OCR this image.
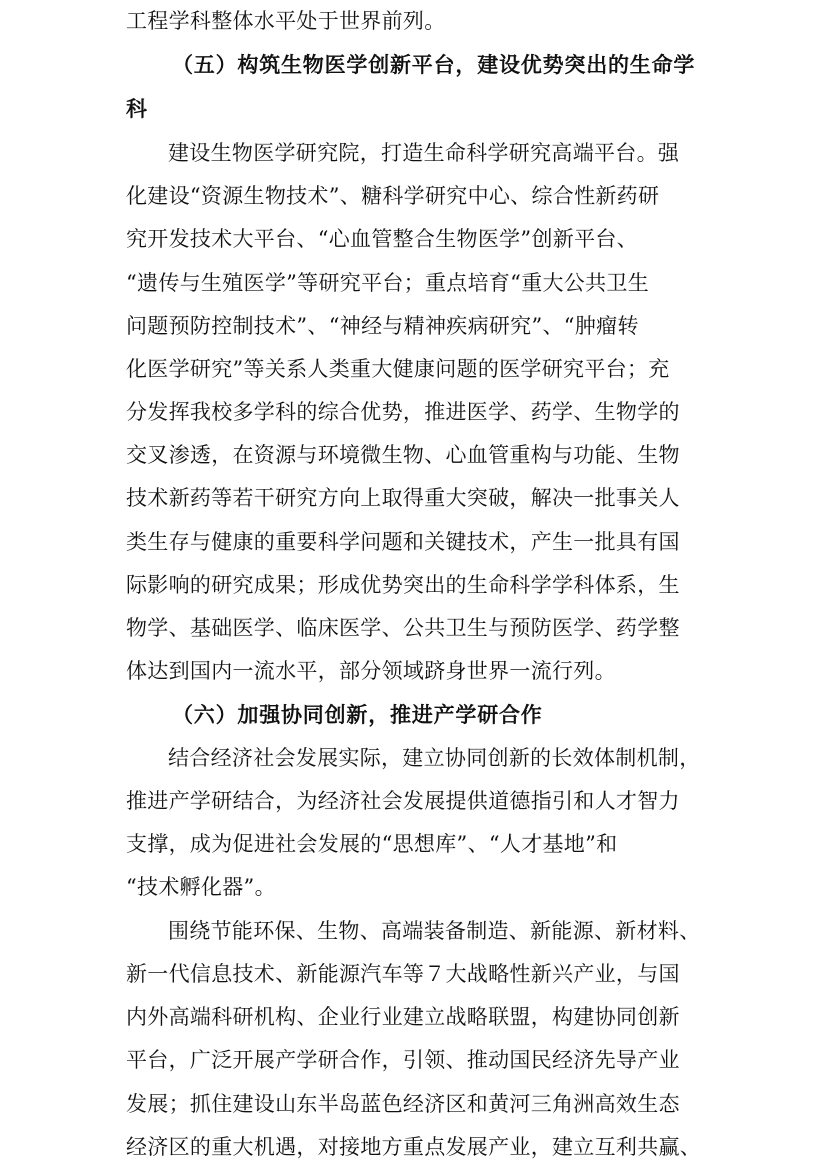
工程学科整体水平处于世界前列。
（五）构筑生物医学创新平台，建设优势突出的生命学
科
建设生物医学研究院，打造生命科学研究高端平台。强
化建设“资源生物技术”、糖科学研究中心、综合性新药研
究开发技术大平台、“心血管整合生物医学”创新平台、
“遗传与生殖医学”等研究平台；重点培育“重大公共卫生
问题预防控制技术”、“神经与精神疾病研究”、“肿瘤转
化医学研究”等关系人类重大健康问题的医学研究平台；充
分发挥我校多学科的综合优势，推进医学、药学、生物学的
交叉渗透，在资源与环境微生物、心血管重构与功能、生物
技术新药等若干研究方向上取得重大突破，解决一批事关人
类生存与健康的重要科学问题和关键技术，产生一批具有国
际影响的研究成果；形成优势突出的生命科学学科体系，生
物学、基础医学、临床医学、公共卫生与预防医学、药学整
体达到国内一流水平，部分领域跻身世界一流行列。
（六）加强协同创新，推进产学研合作
结合经济社会发展实际，建立协同创新的长效体制机制，
推进产学研结合，为经济社会发展提供道德指引和人才智力
支撑，成为促进社会发展的“思想库”、“人才基地”和
“技术孵化器”。
围绕节能环保、生物、高端装备制造、新能源、新材料、
新一代信息技术、新能源汽车等７大战略性新兴产业，与国
内外高端科研机构、企业行业建立战略联盟，构建协同创新
平台，广泛开展产学研合作，引领、推动国民经济先导产业
发展；抓住建设山东半岛蓝色经济区和黄河三角洲高效生态
经济区的重大机遇，对接地方重点发展产业，建立互利共赢、
